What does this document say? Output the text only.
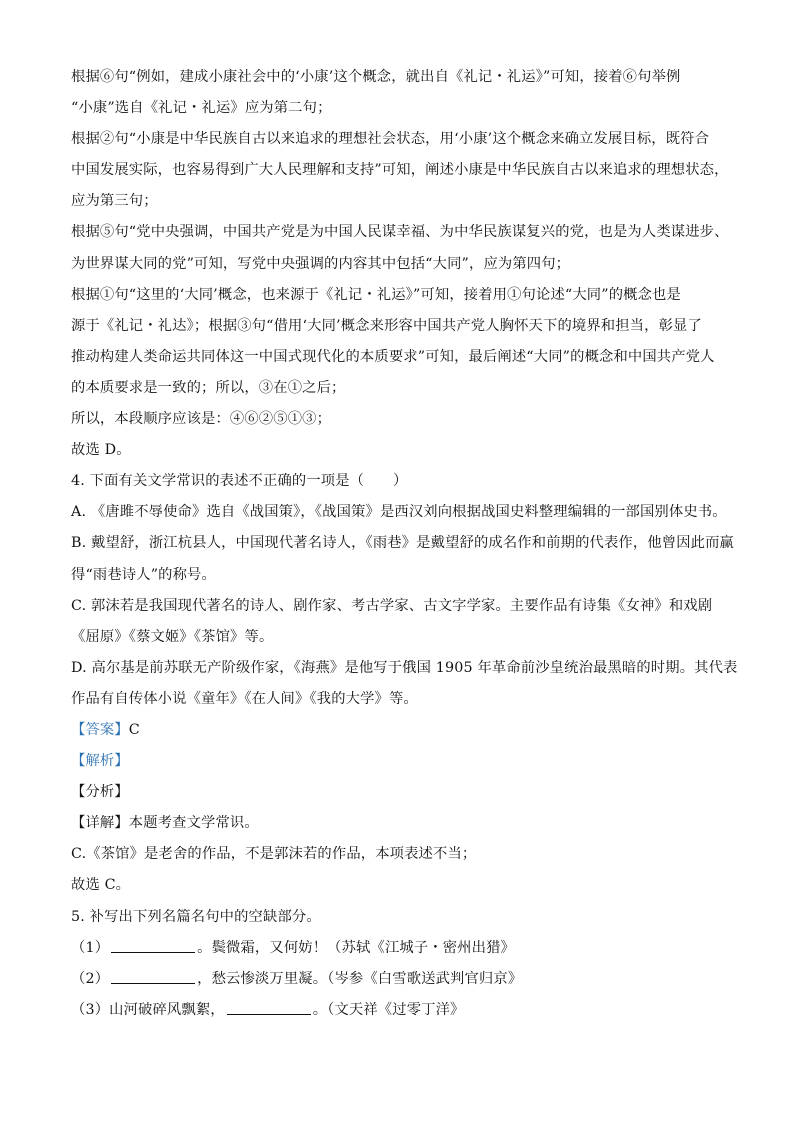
根据⑥句“例如，建成小康社会中的‘小康’这个概念，就出自《礼记・礼运》”可知，接着⑥句举例
“小康”选自《礼记・礼运》应为第二句；
根据②句“小康是中华民族自古以来追求的理想社会状态，用‘小康’这个概念来确立发展目标，既符合
中国发展实际，也容易得到广大人民理解和支持”可知，阐述小康是中华民族自古以来追求的理想状态，
应为第三句；
根据⑤句“党中央强调，中国共产党是为中国人民谋幸福、为中华民族谋复兴的党，也是为人类谋进步、
为世界谋大同的党”可知，写党中央强调的内容其中包括“大同”，应为第四句；
根据①句“这里的‘大同’概念，也来源于《礼记・礼运》”可知，接着用①句论述“大同”的概念也是
源于《礼记・礼达》；根据③句“借用‘大同’概念来形容中国共产党人胸怀天下的境界和担当，彰显了
推动构建人类命运共同体这一中国式现代化的本质要求”可知，最后阐述“大同”的概念和中国共产党人
的本质要求是一致的；所以，③在①之后；
所以，本段顺序应该是：④⑥②⑤①③；
故选 D。
4. 下面有关文学常识的表述不正确的一项是（　　）
A. 《唐雎不辱使命》选自《战国策》，《战国策》是西汉刘向根据战国史料整理编辑的一部国别体史书。
B. 戴望舒，浙江杭县人，中国现代著名诗人，《雨巷》是戴望舒的成名作和前期的代表作，他曾因此而赢
得“雨巷诗人”的称号。
C. 郭沫若是我国现代著名的诗人、剧作家、考古学家、古文字学家。主要作品有诗集《女神》和戏剧
《屈原》《蔡文姬》《茶馆》等。
D. 高尔基是前苏联无产阶级作家，《海燕》是他写于俄国 1905 年革命前沙皇统治最黑暗的时期。其代表
作品有自传体小说《童年》《在人间》《我的大学》等。
【答案】C
【解析】
【分析】
【详解】本题考查文学常识。
C.《茶馆》是老舍的作品，不是郭沫若的作品，本项表述不当；
故选 C。
5. 补写出下列名篇名句中的空缺部分。
（1）	。鬓微霜，又何妨！（苏轼《江城子・密州出猎》
（2）	，愁云惨淡万里凝。（岑参《白雪歌送武判官归京》
（3）山河破碎风飘絮，	。（文天祥《过零丁洋》
